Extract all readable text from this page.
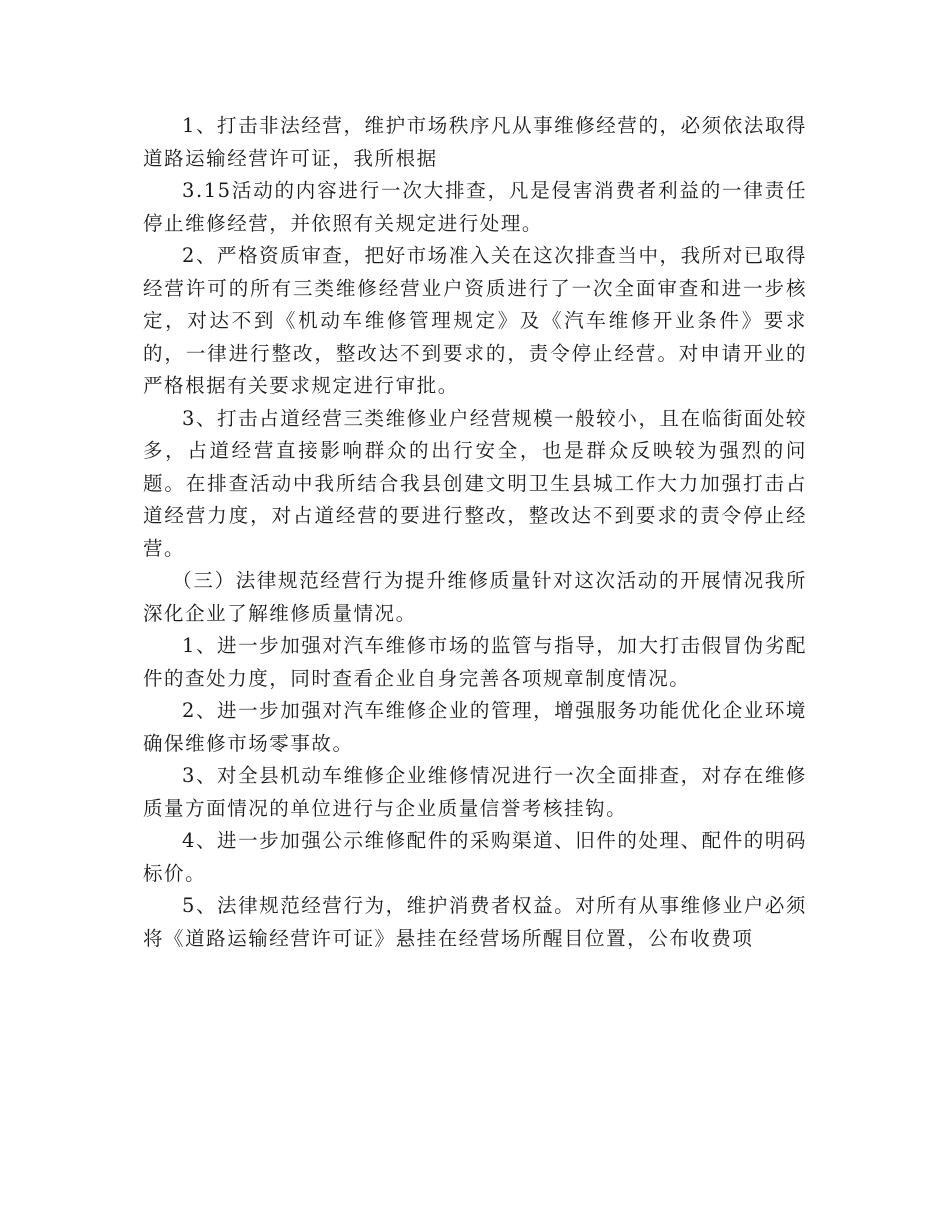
1、打击非法经营，维护市场秩序凡从事维修经营的，必须依法取得道路运输经营许可证，我所根据

3.15活动的内容进行一次大排查，凡是侵害消费者利益的一律责任停止维修经营，并依照有关规定进行处理。

2、严格资质审查，把好市场准入关在这次排查当中，我所对已取得经营许可的所有三类维修经营业户资质进行了一次全面审查和进一步核定，对达不到《机动车维修管理规定》及《汽车维修开业条件》要求的，一律进行整改，整改达不到要求的，责令停止经营。对申请开业的严格根据有关要求规定进行审批。

3、打击占道经营三类维修业户经营规模一般较小，且在临街面处较多，占道经营直接影响群众的出行安全，也是群众反映较为强烈的问题。在排查活动中我所结合我县创建文明卫生县城工作大力加强打击占道经营力度，对占道经营的要进行整改，整改达不到要求的责令停止经营。

（三）法律规范经营行为提升维修质量针对这次活动的开展情况我所深化企业了解维修质量情况。

1、进一步加强对汽车维修市场的监管与指导，加大打击假冒伪劣配件的查处力度，同时查看企业自身完善各项规章制度情况。

2、进一步加强对汽车维修企业的管理，增强服务功能优化企业环境确保维修市场零事故。

3、对全县机动车维修企业维修情况进行一次全面排查，对存在维修质量方面情况的单位进行与企业质量信誉考核挂钩。

4、进一步加强公示维修配件的采购渠道、旧件的处理、配件的明码标价。

5、法律规范经营行为，维护消费者权益。对所有从事维修业户必须将《道路运输经营许可证》悬挂在经营场所醒目位置，公布收费项
